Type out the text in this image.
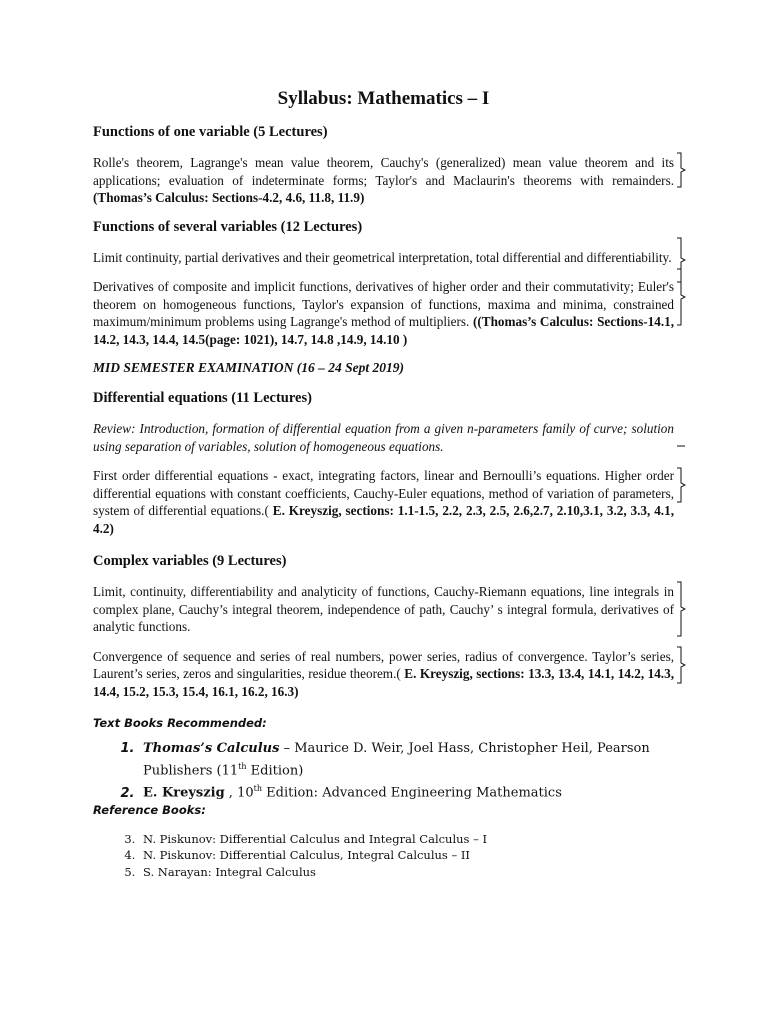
Syllabus: Mathematics – I
Functions of one variable (5 Lectures)
Rolle's theorem, Lagrange's mean value theorem, Cauchy's (generalized) mean value theorem and its applications; evaluation of indeterminate forms; Taylor's and Maclaurin's theorems with remainders. (Thomas’s Calculus: Sections-4.2, 4.6, 11.8, 11.9)
Functions of several variables (12 Lectures)
Limit continuity, partial derivatives and their geometrical interpretation, total differential and differentiability.
Derivatives of composite and implicit functions, derivatives of higher order and their commutativity; Euler's theorem on homogeneous functions, Taylor's expansion of functions, maxima and minima, constrained maximum/minimum problems using Lagrange's method of multipliers. ((Thomas’s Calculus: Sections-14.1, 14.2, 14.3, 14.4, 14.5(page: 1021), 14.7, 14.8 ,14.9, 14.10 )
MID SEMESTER EXAMINATION (16 – 24 Sept 2019)
Differential equations (11 Lectures)
Review: Introduction, formation of differential equation from a given n-parameters family of curve; solution using separation of variables, solution of homogeneous equations.
First order differential equations - exact, integrating factors, linear and Bernoulli’s equations. Higher order differential equations with constant coefficients, Cauchy-Euler equations, method of variation of parameters, system of differential equations.( E. Kreyszig, sections: 1.1-1.5, 2.2, 2.3, 2.5, 2.6,2.7, 2.10,3.1, 3.2, 3.3, 4.1, 4.2)
Complex variables (9 Lectures)
Limit, continuity, differentiability and analyticity of functions, Cauchy-Riemann equations, line integrals in complex plane, Cauchy’s integral theorem, independence of path, Cauchy’ s integral formula, derivatives of analytic functions.
Convergence of sequence and series of real numbers, power series, radius of convergence. Taylor’s series, Laurent’s series, zeros and singularities, residue theorem.( E. Kreyszig, sections: 13.3, 13.4, 14.1, 14.2, 14.3, 14.4, 15.2, 15.3, 15.4, 16.1, 16.2, 16.3)
Text Books Recommended:
1. Thomas’s Calculus – Maurice D. Weir, Joel Hass, Christopher Heil, Pearson Publishers (11th Edition)
2. E. Kreyszig , 10th Edition: Advanced Engineering Mathematics
Reference Books:
3. N. Piskunov: Differential Calculus and Integral Calculus – I
4. N. Piskunov: Differential Calculus, Integral Calculus – II
5. S. Narayan: Integral Calculus
